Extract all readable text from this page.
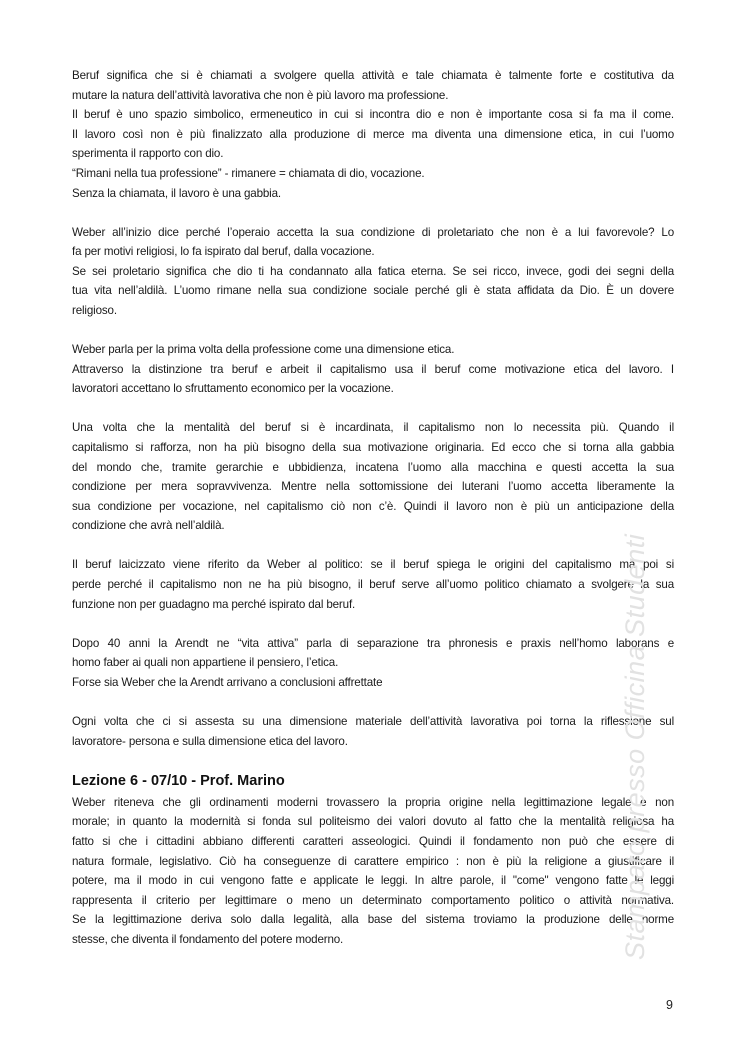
Beruf significa che si è chiamati a svolgere quella attività e tale chiamata è talmente forte e costitutiva da

mutare la natura dell’attività lavorativa che non è più lavoro ma professione.

Il beruf è uno spazio simbolico, ermeneutico in cui si incontra dio e non è importante cosa si fa ma il come.

Il lavoro così non è più finalizzato alla produzione di merce ma diventa una dimensione etica, in cui l’uomo

sperimenta il rapporto con dio.

“Rimani nella tua professione” - rimanere = chiamata di dio, vocazione.

Senza la chiamata, il lavoro è una gabbia.

Weber all’inizio dice perché l’operaio accetta la sua condizione di proletariato che non è a lui favorevole? Lo

fa per motivi religiosi, lo fa ispirato dal beruf, dalla vocazione.

Se sei proletario significa che dio ti ha condannato alla fatica eterna. Se sei ricco, invece, godi dei segni della

tua vita nell’aldilà. L’uomo rimane nella sua condizione sociale perché gli è stata affidata da Dio. È un dovere

religioso.

Weber parla per la prima volta della professione come una dimensione etica.

Attraverso la distinzione tra beruf e arbeit il capitalismo usa il beruf come motivazione etica del lavoro. I

lavoratori accettano lo sfruttamento economico per la vocazione.

Una volta che la mentalità del beruf si è incardinata, il capitalismo non lo necessita più. Quando il

capitalismo si rafforza, non ha più bisogno della sua motivazione originaria. Ed ecco che si torna alla gabbia

del mondo che, tramite gerarchie e ubbidienza, incatena l’uomo alla macchina e questi accetta la sua

condizione per mera sopravvivenza. Mentre nella sottomissione dei luterani l’uomo accetta liberamente la

sua condizione per vocazione, nel capitalismo ciò non c’è. Quindi il lavoro non è più un anticipazione della

condizione che avrà nell’aldilà.

Il beruf laicizzato viene riferito da Weber al politico: se il beruf spiega le origini del capitalismo ma poi si

perde perché il capitalismo non ne ha più bisogno, il beruf serve all’uomo politico chiamato a svolgere la sua

funzione non per guadagno ma perché ispirato dal beruf.

Dopo 40 anni la Arendt ne “vita attiva” parla di separazione tra phronesis e praxis nell’homo laborans e

homo faber ai quali non appartiene il pensiero, l’etica.

Forse sia Weber che la Arendt arrivano a conclusioni affrettate

Ogni volta che ci si assesta su una dimensione materiale dell’attività lavorativa poi torna la riflessione sul

lavoratore- persona e sulla dimensione etica del lavoro.

Lezione 6 - 07/10 - Prof. Marino

Weber riteneva che gli ordinamenti moderni trovassero la propria origine nella legittimazione legale e non

morale; in quanto la modernità si fonda sul politeismo dei valori dovuto al fatto che la mentalità religiosa ha

fatto si che i cittadini abbiano differenti caratteri asseologici. Quindi il fondamento non può che essere di

natura formale, legislativo. Ciò ha conseguenze di carattere empirico : non è più la religione a giustificare il

potere, ma il modo in cui vengono fatte e applicate le leggi. In altre parole, il "come" vengono fatte le leggi

rappresenta il criterio per legittimare o meno un determinato comportamento politico o attività normativa.

Se la legittimazione deriva solo dalla legalità, alla base del sistema troviamo la produzione delle norme

stesse, che diventa il fondamento del potere moderno.	Stampato presso Officina Studenti
9
